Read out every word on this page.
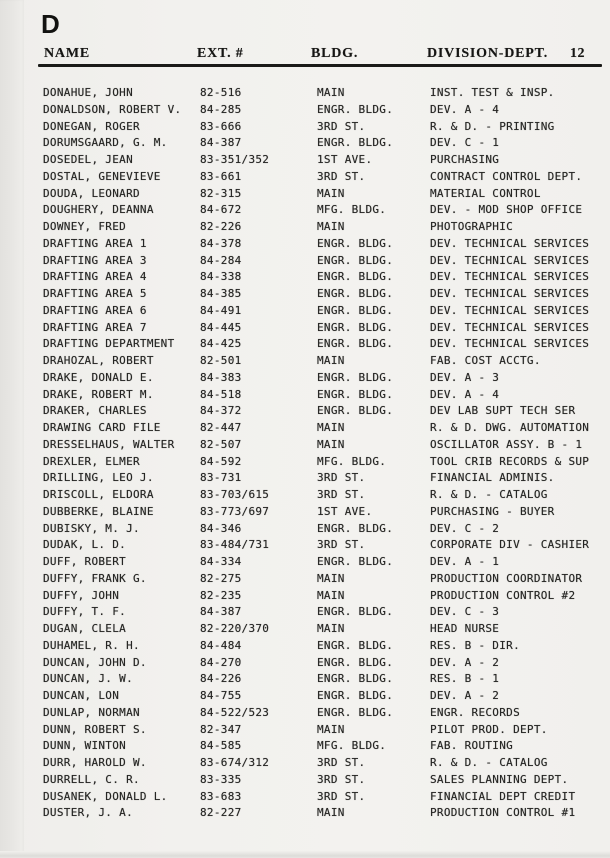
D
NAME	EXT. #	BLDG.	DIVISION-DEPT. 12
DONAHUE, JOHN	82-516	MAIN	INST. TEST & INSP.
DONALDSON, ROBERT V. 84-285	ENGR. BLDG.	DEV. A - 4
DONEGAN, ROGER	83-666	3RD ST.	R. & D. - PRINTING
DORUMSGAARD, G. M.	84-387	ENGR. BLDG.	DEV. C - 1
DOSEDEL, JEAN	83-351/352	1ST AVE.	PURCHASING
DOSTAL, GENEVIEVE	83-661	3RD ST.	CONTRACT CONTROL DEPT.
DOUDA, LEONARD	82-315	MAIN	MATERIAL CONTROL
DOUGHERY, DEANNA	84-672	MFG. BLDG.	DEV. - MOD SHOP OFFICE
DOWNEY, FRED	82-226	MAIN	PHOTOGRAPHIC
DRAFTING AREA 1	84-378	ENGR. BLDG.	DEV. TECHNICAL SERVICES
DRAFTING AREA 3	84-284	ENGR. BLDG.	DEV. TECHNICAL SERVICES
DRAFTING AREA 4	84-338	ENGR. BLDG.	DEV. TECHNICAL SERVICES
DRAFTING AREA 5	84-385	ENGR. BLDG.	DEV. TECHNICAL SERVICES
DRAFTING AREA 6	84-491	ENGR. BLDG.	DEV. TECHNICAL SERVICES
DRAFTING AREA 7	84-445	ENGR. BLDG.	DEV. TECHNICAL SERVICES
DRAFTING DEPARTMENT 84-425	ENGR. BLDG.	DEV. TECHNICAL SERVICES
DRAHOZAL, ROBERT	82-501	MAIN	FAB. COST ACCTG.
DRAKE, DONALD E.	84-383	ENGR. BLDG.	DEV. A - 3
DRAKE, ROBERT M.	84-518	ENGR. BLDG.	DEV. A - 4
DRAKER, CHARLES	84-372	ENGR. BLDG.	DEV LAB SUPT TECH SER
DRAWING CARD FILE	82-447	MAIN	R. & D. DWG. AUTOMATION
DRESSELHAUS, WALTER 82-507	MAIN	OSCILLATOR ASSY. B - 1
DREXLER, ELMER	84-592	MFG. BLDG.	TOOL CRIB RECORDS & SUP
DRILLING, LEO J.	83-731	3RD ST.	FINANCIAL ADMINIS.
DRISCOLL, ELDORA	83-703/615	3RD ST.	R. & D. - CATALOG
DUBBERKE, BLAINE	83-773/697	1ST AVE.	PURCHASING - BUYER
DUBISKY, M. J.	84-346	ENGR. BLDG.	DEV. C - 2
DUDAK, L. D.	83-484/731	3RD ST.	CORPORATE DIV - CASHIER
DUFF, ROBERT	84-334	ENGR. BLDG.	DEV. A - 1
DUFFY, FRANK G.	82-275	MAIN	PRODUCTION COORDINATOR
DUFFY, JOHN	82-235	MAIN	PRODUCTION CONTROL #2
DUFFY, T. F.	84-387	ENGR. BLDG.	DEV. C - 3
DUGAN, CLELA	82-220/370	MAIN	HEAD NURSE
DUHAMEL, R. H.	84-484	ENGR. BLDG.	RES. B - DIR.
DUNCAN, JOHN D.	84-270	ENGR. BLDG.	DEV. A - 2
DUNCAN, J. W.	84-226	ENGR. BLDG.	RES. B - 1
DUNCAN, LON	84-755	ENGR. BLDG.	DEV. A - 2
DUNLAP, NORMAN	84-522/523	ENGR. BLDG.	ENGR. RECORDS
DUNN, ROBERT S.	82-347	MAIN	PILOT PROD. DEPT.
DUNN, WINTON	84-585	MFG. BLDG.	FAB. ROUTING
DURR, HAROLD W.	83-674/312	3RD ST.	R. & D. - CATALOG
DURRELL, C. R.	83-335	3RD ST.	SALES PLANNING DEPT.
DUSANEK, DONALD L.	83-683	3RD ST.	FINANCIAL DEPT CREDIT
DUSTER, J. A.	82-227	MAIN	PRODUCTION CONTROL #1
